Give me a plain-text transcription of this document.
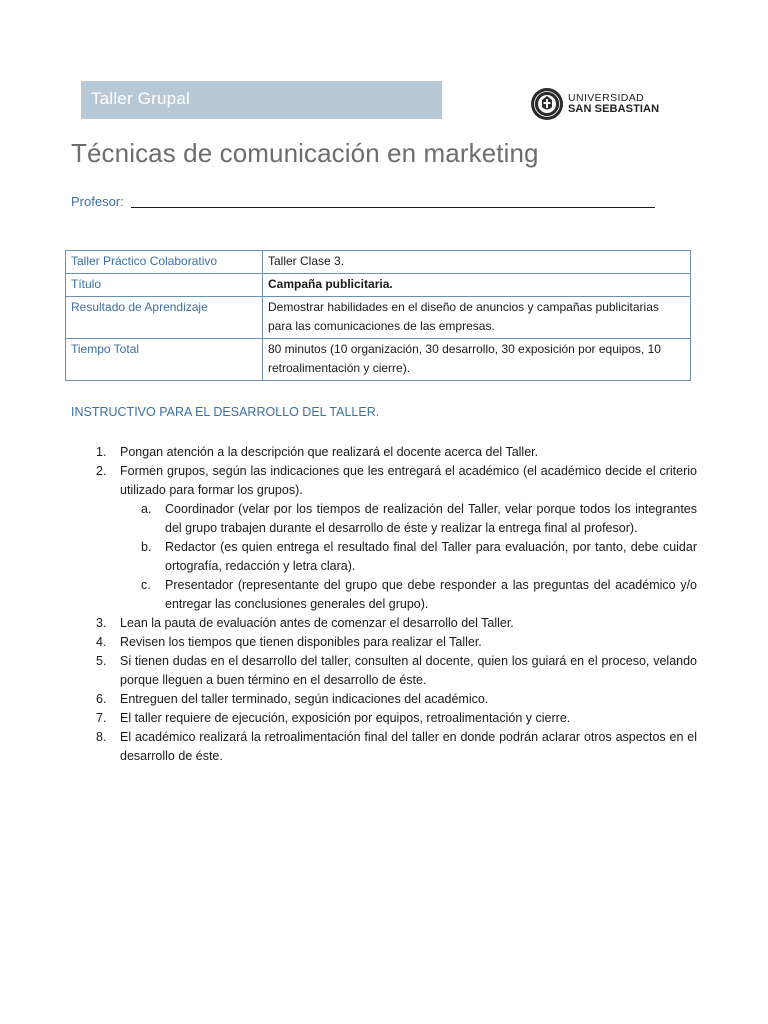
Taller Grupal	UNIVERSIDAD
SAN SEBASTIAN
Técnicas de comunicación en marketing
Profesor:
Taller Práctico Colaborativo	Taller Clase 3.
Título	Campaña publicitaria.
Resultado de Aprendizaje	Demostrar habilidades en el diseño de anuncios y campañas publicitarias para las comunicaciones de las empresas.
Tiempo Total	80 minutos (10 organización, 30 desarrollo, 30 exposición por equipos, 10 retroalimentación y cierre).
INSTRUCTIVO PARA EL DESARROLLO DEL TALLER.
1. Pongan atención a la descripción que realizará el docente acerca del Taller.
2. Formen grupos, según las indicaciones que les entregará el académico (el académico decide el criterio utilizado para formar los grupos).
a. Coordinador (velar por los tiempos de realización del Taller, velar porque todos los integrantes del grupo trabajen durante el desarrollo de éste y realizar la entrega final al profesor).
b. Redactor (es quien entrega el resultado final del Taller para evaluación, por tanto, debe cuidar ortografía, redacción y letra clara).
c. Presentador (representante del grupo que debe responder a las preguntas del académico y/o entregar las conclusiones generales del grupo).
3. Lean la pauta de evaluación antes de comenzar el desarrollo del Taller.
4. Revisen los tiempos que tienen disponibles para realizar el Taller.
5. Si tienen dudas en el desarrollo del taller, consulten al docente, quien los guiará en el proceso, velando porque lleguen a buen término en el desarrollo de éste.
6. Entreguen del taller terminado, según indicaciones del académico.
7. El taller requiere de ejecución, exposición por equipos, retroalimentación y cierre.
8. El académico realizará la retroalimentación final del taller en donde podrán aclarar otros aspectos en el desarrollo de éste.
